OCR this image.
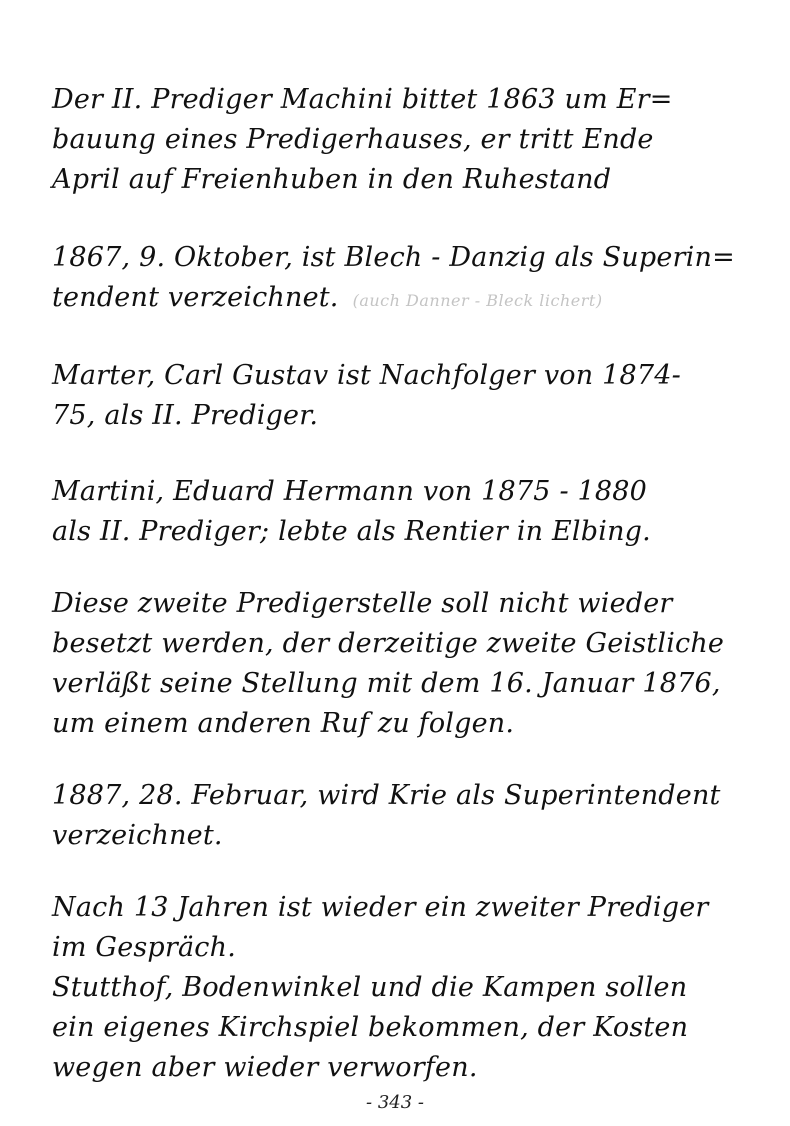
Der II. Prediger Machini bittet 1863 um Er=
bauung eines Predigerhauses, er tritt Ende
April auf Freienhuben in den Ruhestand
1867, 9. Oktober, ist Blech - Danzig als Superin=
tendent verzeichnet. (auch Danner - Bleck lichert)
Marter, Carl Gustav ist Nachfolger von 1874-
75, als II. Prediger.
Martini, Eduard Hermann von 1875 - 1880
als II. Prediger; lebte als Rentier in Elbing.
Diese zweite Predigerstelle soll nicht wieder
besetzt werden, der derzeitige zweite Geistliche
verläßt seine Stellung mit dem 16. Januar 1876,
um einem anderen Ruf zu folgen.
1887, 28. Februar, wird Krie als Superintendent
verzeichnet.
Nach 13 Jahren ist wieder ein zweiter Prediger
im Gespräch.
Stutthof, Bodenwinkel und die Kampen sollen
ein eigenes Kirchspiel bekommen, der Kosten
wegen aber wieder verworfen.
- 343 -
